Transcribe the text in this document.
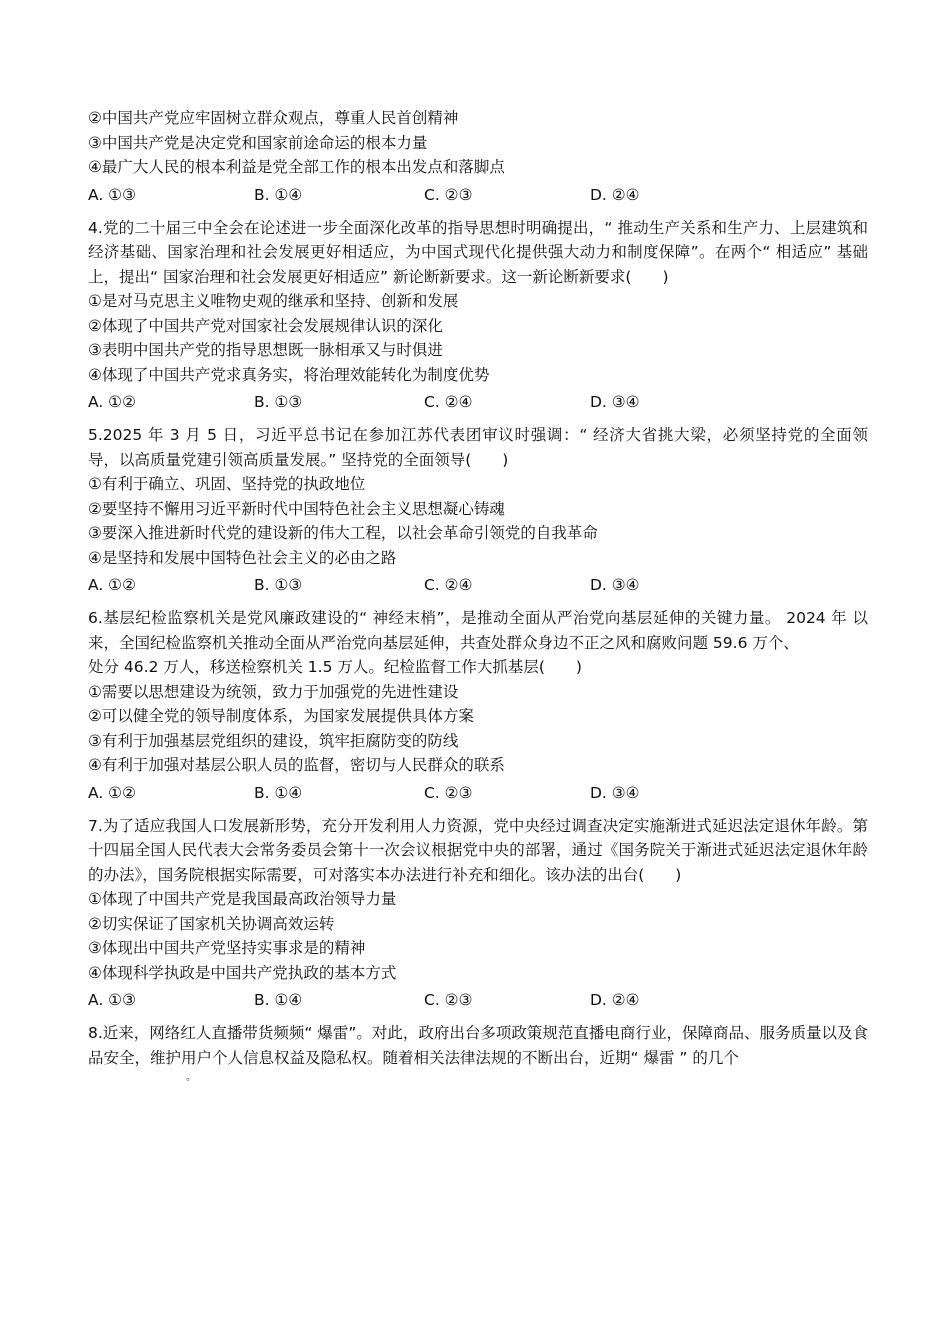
②中国共产党应牢固树立群众观点，尊重人民首创精神
③中国共产党是决定党和国家前途命运的根本力量
④最广大人民的根本利益是党全部工作的根本出发点和落脚点
A. ①③	B. ①④	C. ②③	D. ②④
4.党的二十届三中全会在论述进一步全面深化改革的指导思想时明确提出，“ 推动生产关系和生产力、上层建筑和经济基础、国家治理和社会发展更好相适应，为中国式现代化提供强大动力和制度保障”。在两个“ 相适应” 基础上，提出“ 国家治理和社会发展更好相适应” 新论断新要求。这一新论断新要求(　　)
①是对马克思主义唯物史观的继承和坚持、创新和发展
②体现了中国共产党对国家社会发展规律认识的深化
③表明中国共产党的指导思想既一脉相承又与时俱进
④体现了中国共产党求真务实，将治理效能转化为制度优势
A. ①②	B. ①③	C. ②④	D. ③④
5.2025 年 3 月 5 日，习近平总书记在参加江苏代表团审议时强调：“ 经济大省挑大梁，必须坚持党的全面领 导，以高质量党建引领高质量发展。” 坚持党的全面领导(　　)
①有利于确立、巩固、坚持党的执政地位
②要坚持不懈用习近平新时代中国特色社会主义思想凝心铸魂
③要深入推进新时代党的建设新的伟大工程，以社会革命引领党的自我革命
④是坚持和发展中国特色社会主义的必由之路
A. ①②	B. ①③	C. ②④	D. ③④
6.基层纪检监察机关是党风廉政建设的“ 神经末梢”，是推动全面从严治党向基层延伸的关键力量。 2024 年 以来，全国纪检监察机关推动全面从严治党向基层延伸，共查处群众身边不正之风和腐败问题 59.6 万个、
处分 46.2 万人，移送检察机关 1.5 万人。纪检监督工作大抓基层(　　)
①需要以思想建设为统领，致力于加强党的先进性建设
②可以健全党的领导制度体系，为国家发展提供具体方案
③有利于加强基层党组织的建设，筑牢拒腐防变的防线
④有利于加强对基层公职人员的监督，密切与人民群众的联系
A. ①②	B. ①④	C. ②③	D. ③④
7.为了适应我国人口发展新形势，充分开发利用人力资源，党中央经过调查决定实施渐进式延迟法定退休年龄。第十四届全国人民代表大会常务委员会第十一次会议根据党中央的部署，通过《国务院关于渐进式延迟法定退休年龄的办法》，国务院根据实际需要，可对落实本办法进行补充和细化。该办法的出台(　　)
①体现了中国共产党是我国最高政治领导力量
②切实保证了国家机关协调高效运转
③体现出中国共产党坚持实事求是的精神
④体现科学执政是中国共产党执政的基本方式
A. ①③	B. ①④	C. ②③	D. ②④
8.近来，网络红人直播带货频频“ 爆雷”。对此，政府出台多项政策规范直播电商行业，保障商品、服务质量以及食品安全，维护用户个人信息权益及隐私权。随着相关法律法规的不断出台，近期“ 爆雷 ” 的几个
。
